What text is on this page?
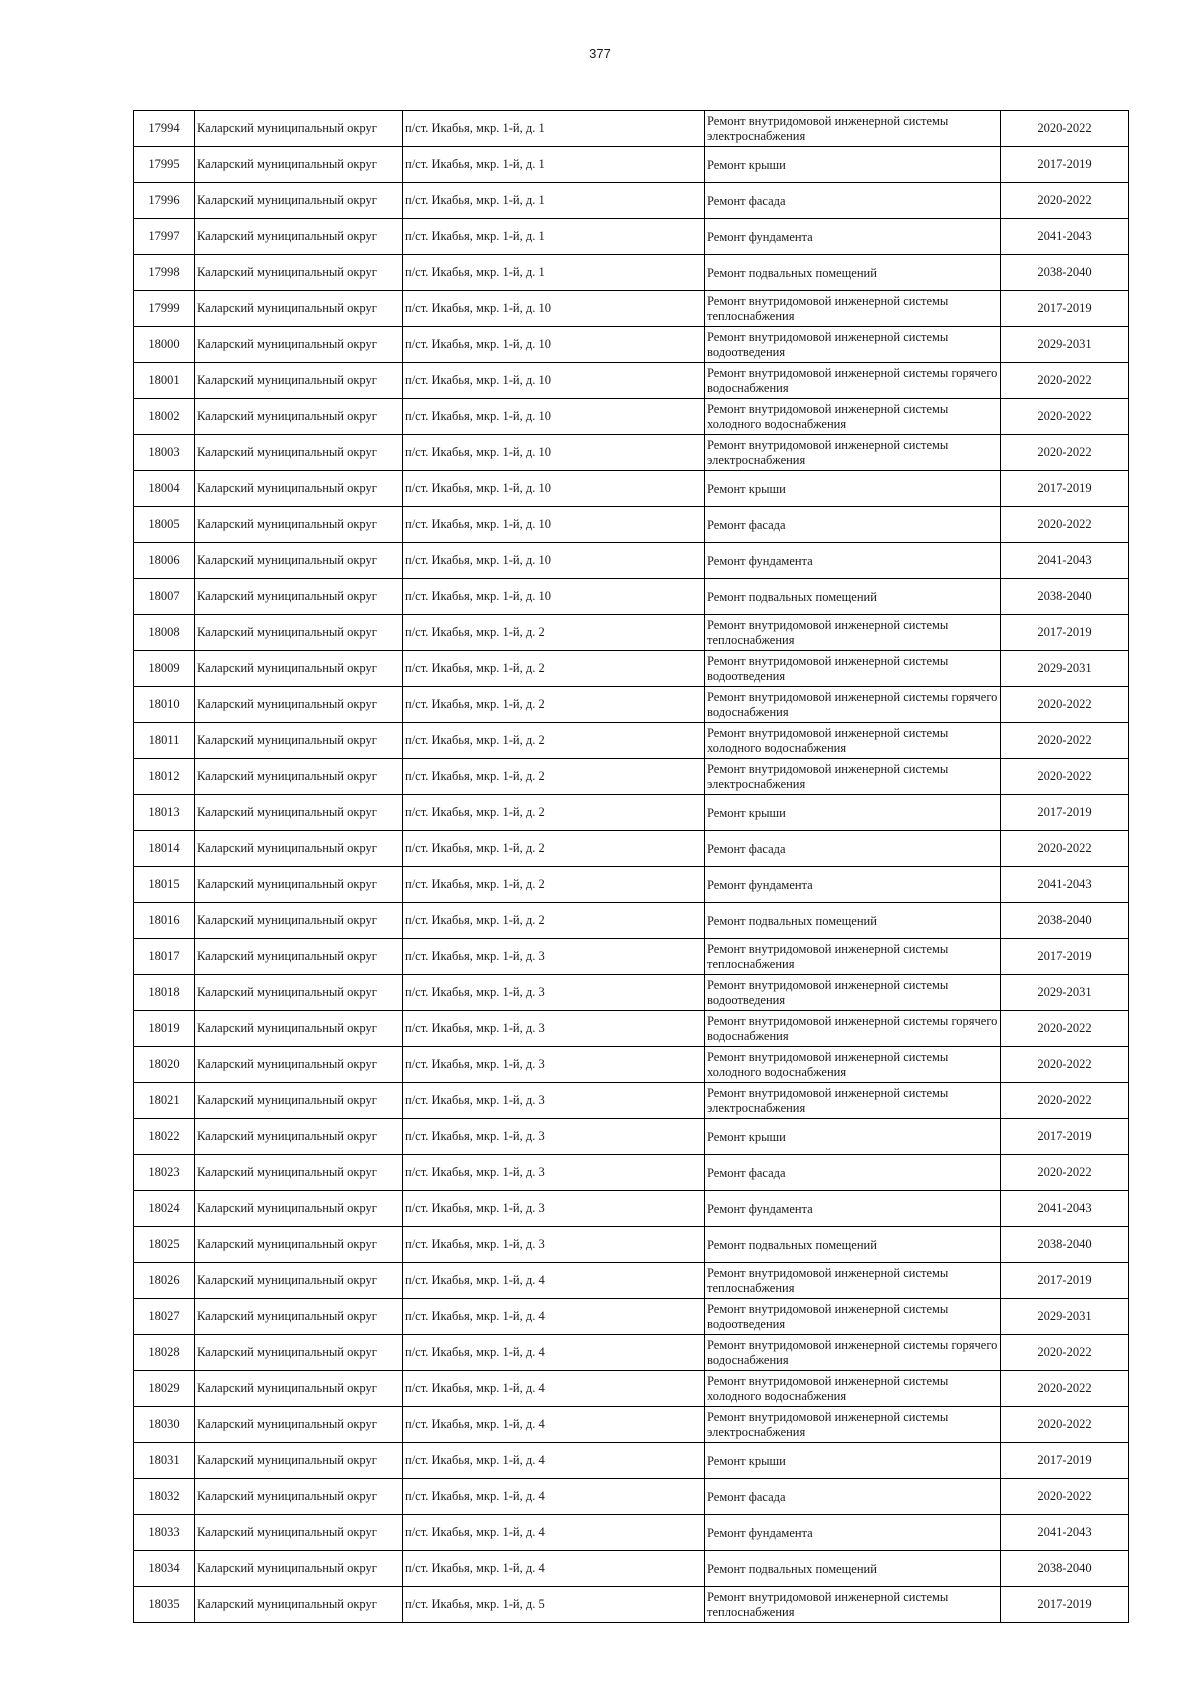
377
17994	Каларский муниципальный округ	п/ст. Икабья, мкр. 1-й, д. 1	Ремонт внутридомовой инженерной системы электроснабжения	2020-2022
17995	Каларский муниципальный округ	п/ст. Икабья, мкр. 1-й, д. 1	Ремонт крыши	2017-2019
17996	Каларский муниципальный округ	п/ст. Икабья, мкр. 1-й, д. 1	Ремонт фасада	2020-2022
17997	Каларский муниципальный округ	п/ст. Икабья, мкр. 1-й, д. 1	Ремонт фундамента	2041-2043
17998	Каларский муниципальный округ	п/ст. Икабья, мкр. 1-й, д. 1	Ремонт подвальных помещений	2038-2040
17999	Каларский муниципальный округ	п/ст. Икабья, мкр. 1-й, д. 10	Ремонт внутридомовой инженерной системы теплоснабжения	2017-2019
18000	Каларский муниципальный округ	п/ст. Икабья, мкр. 1-й, д. 10	Ремонт внутридомовой инженерной системы водоотведения	2029-2031
18001	Каларский муниципальный округ	п/ст. Икабья, мкр. 1-й, д. 10	Ремонт внутридомовой инженерной системы горячего водоснабжения	2020-2022
18002	Каларский муниципальный округ	п/ст. Икабья, мкр. 1-й, д. 10	Ремонт внутридомовой инженерной системы холодного водоснабжения	2020-2022
18003	Каларский муниципальный округ	п/ст. Икабья, мкр. 1-й, д. 10	Ремонт внутридомовой инженерной системы электроснабжения	2020-2022
18004	Каларский муниципальный округ	п/ст. Икабья, мкр. 1-й, д. 10	Ремонт крыши	2017-2019
18005	Каларский муниципальный округ	п/ст. Икабья, мкр. 1-й, д. 10	Ремонт фасада	2020-2022
18006	Каларский муниципальный округ	п/ст. Икабья, мкр. 1-й, д. 10	Ремонт фундамента	2041-2043
18007	Каларский муниципальный округ	п/ст. Икабья, мкр. 1-й, д. 10	Ремонт подвальных помещений	2038-2040
18008	Каларский муниципальный округ	п/ст. Икабья, мкр. 1-й, д. 2	Ремонт внутридомовой инженерной системы теплоснабжения	2017-2019
18009	Каларский муниципальный округ	п/ст. Икабья, мкр. 1-й, д. 2	Ремонт внутридомовой инженерной системы водоотведения	2029-2031
18010	Каларский муниципальный округ	п/ст. Икабья, мкр. 1-й, д. 2	Ремонт внутридомовой инженерной системы горячего водоснабжения	2020-2022
18011	Каларский муниципальный округ	п/ст. Икабья, мкр. 1-й, д. 2	Ремонт внутридомовой инженерной системы холодного водоснабжения	2020-2022
18012	Каларский муниципальный округ	п/ст. Икабья, мкр. 1-й, д. 2	Ремонт внутридомовой инженерной системы электроснабжения	2020-2022
18013	Каларский муниципальный округ	п/ст. Икабья, мкр. 1-й, д. 2	Ремонт крыши	2017-2019
18014	Каларский муниципальный округ	п/ст. Икабья, мкр. 1-й, д. 2	Ремонт фасада	2020-2022
18015	Каларский муниципальный округ	п/ст. Икабья, мкр. 1-й, д. 2	Ремонт фундамента	2041-2043
18016	Каларский муниципальный округ	п/ст. Икабья, мкр. 1-й, д. 2	Ремонт подвальных помещений	2038-2040
18017	Каларский муниципальный округ	п/ст. Икабья, мкр. 1-й, д. 3	Ремонт внутридомовой инженерной системы теплоснабжения	2017-2019
18018	Каларский муниципальный округ	п/ст. Икабья, мкр. 1-й, д. 3	Ремонт внутридомовой инженерной системы водоотведения	2029-2031
18019	Каларский муниципальный округ	п/ст. Икабья, мкр. 1-й, д. 3	Ремонт внутридомовой инженерной системы горячего водоснабжения	2020-2022
18020	Каларский муниципальный округ	п/ст. Икабья, мкр. 1-й, д. 3	Ремонт внутридомовой инженерной системы холодного водоснабжения	2020-2022
18021	Каларский муниципальный округ	п/ст. Икабья, мкр. 1-й, д. 3	Ремонт внутридомовой инженерной системы электроснабжения	2020-2022
18022	Каларский муниципальный округ	п/ст. Икабья, мкр. 1-й, д. 3	Ремонт крыши	2017-2019
18023	Каларский муниципальный округ	п/ст. Икабья, мкр. 1-й, д. 3	Ремонт фасада	2020-2022
18024	Каларский муниципальный округ	п/ст. Икабья, мкр. 1-й, д. 3	Ремонт фундамента	2041-2043
18025	Каларский муниципальный округ	п/ст. Икабья, мкр. 1-й, д. 3	Ремонт подвальных помещений	2038-2040
18026	Каларский муниципальный округ	п/ст. Икабья, мкр. 1-й, д. 4	Ремонт внутридомовой инженерной системы теплоснабжения	2017-2019
18027	Каларский муниципальный округ	п/ст. Икабья, мкр. 1-й, д. 4	Ремонт внутридомовой инженерной системы водоотведения	2029-2031
18028	Каларский муниципальный округ	п/ст. Икабья, мкр. 1-й, д. 4	Ремонт внутридомовой инженерной системы горячего водоснабжения	2020-2022
18029	Каларский муниципальный округ	п/ст. Икабья, мкр. 1-й, д. 4	Ремонт внутридомовой инженерной системы холодного водоснабжения	2020-2022
18030	Каларский муниципальный округ	п/ст. Икабья, мкр. 1-й, д. 4	Ремонт внутридомовой инженерной системы электроснабжения	2020-2022
18031	Каларский муниципальный округ	п/ст. Икабья, мкр. 1-й, д. 4	Ремонт крыши	2017-2019
18032	Каларский муниципальный округ	п/ст. Икабья, мкр. 1-й, д. 4	Ремонт фасада	2020-2022
18033	Каларский муниципальный округ	п/ст. Икабья, мкр. 1-й, д. 4	Ремонт фундамента	2041-2043
18034	Каларский муниципальный округ	п/ст. Икабья, мкр. 1-й, д. 4	Ремонт подвальных помещений	2038-2040
18035	Каларский муниципальный округ	п/ст. Икабья, мкр. 1-й, д. 5	Ремонт внутридомовой инженерной системы теплоснабжения	2017-2019
